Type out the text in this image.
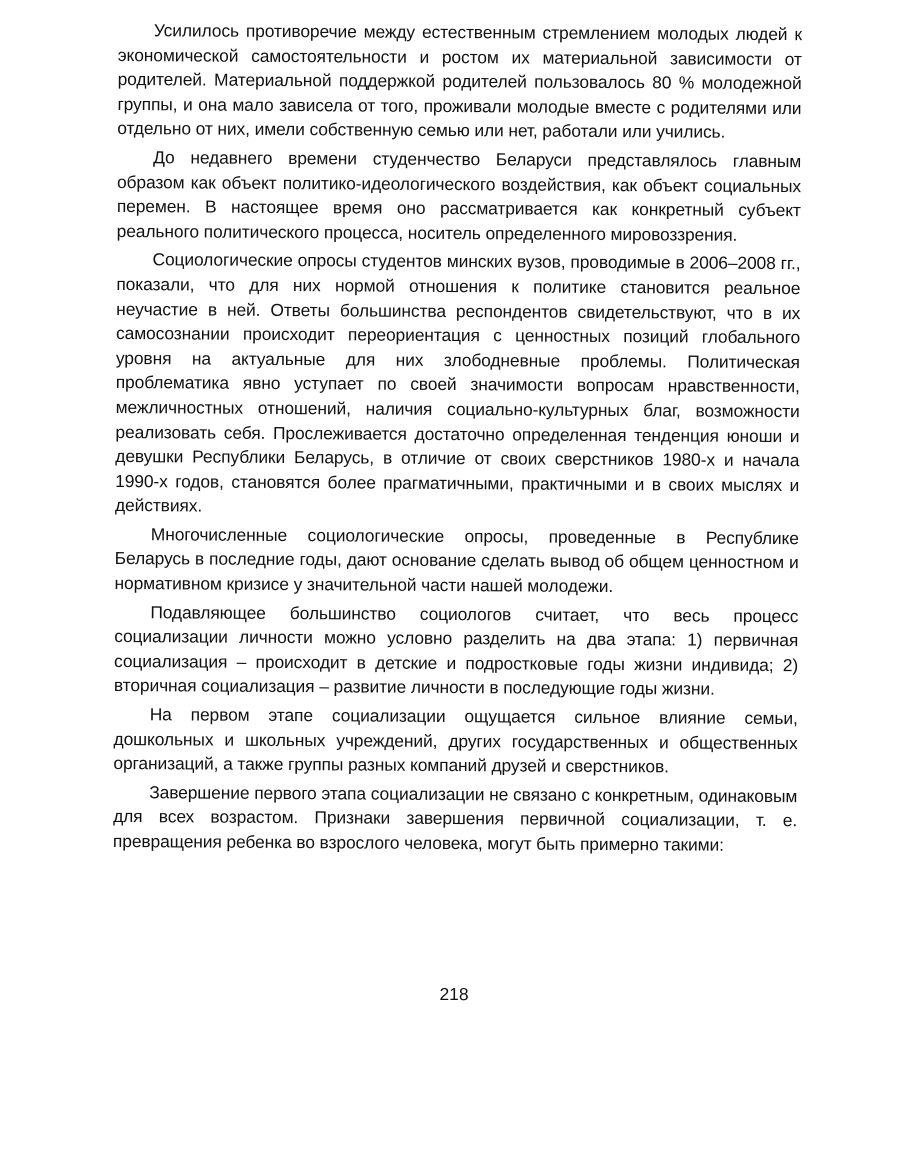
Усилилось противоречие между естественным стремлением молодых людей к экономической самостоятельности и ростом их материальной зависимости от родителей. Материальной поддержкой родителей пользовалось 80 % молодежной группы, и она мало зависела от того, проживали молодые вместе с родителями или отдельно от них, имели собственную семью или нет, работали или учились.

До недавнего времени студенчество Беларуси представлялось главным образом как объект политико-идеологического воздействия, как объект социальных перемен. В настоящее время оно рассматривается как конкретный субъект реального политического процесса, носитель определенного мировоззрения.

Социологические опросы студентов минских вузов, проводимые в 2006–2008 гг., показали, что для них нормой отношения к политике становится реальное неучастие в ней. Ответы большинства респондентов свидетельствуют, что в их самосознании происходит переориентация с ценностных позиций глобального уровня на актуальные для них злободневные проблемы. Политическая проблематика явно уступает по своей значимости вопросам нравственности, межличностных отношений, наличия социально-культурных благ, возможности реализовать себя. Прослеживается достаточно определенная тенденция юноши и девушки Республики Беларусь, в отличие от своих сверстников 1980-х и начала 1990-х годов, становятся более прагматичными, практичными и в своих мыслях и действиях.

Многочисленные социологические опросы, проведенные в Республике Беларусь в последние годы, дают основание сделать вывод об общем ценностном и нормативном кризисе у значительной части нашей молодежи.

Подавляющее большинство социологов считает, что весь процесс социализации личности можно условно разделить на два этапа: 1) первичная социализация – происходит в детские и подростковые годы жизни индивида; 2) вторичная социализация – развитие личности в последующие годы жизни.

На первом этапе социализации ощущается сильное влияние семьи, дошкольных и школьных учреждений, других государственных и общественных организаций, а также группы разных компаний друзей и сверстников.

Завершение первого этапа социализации не связано с конкретным, одинаковым для всех возрастом. Признаки завершения первичной социализации, т. е. превращения ребенка во взрослого человека, могут быть примерно такими:

218
